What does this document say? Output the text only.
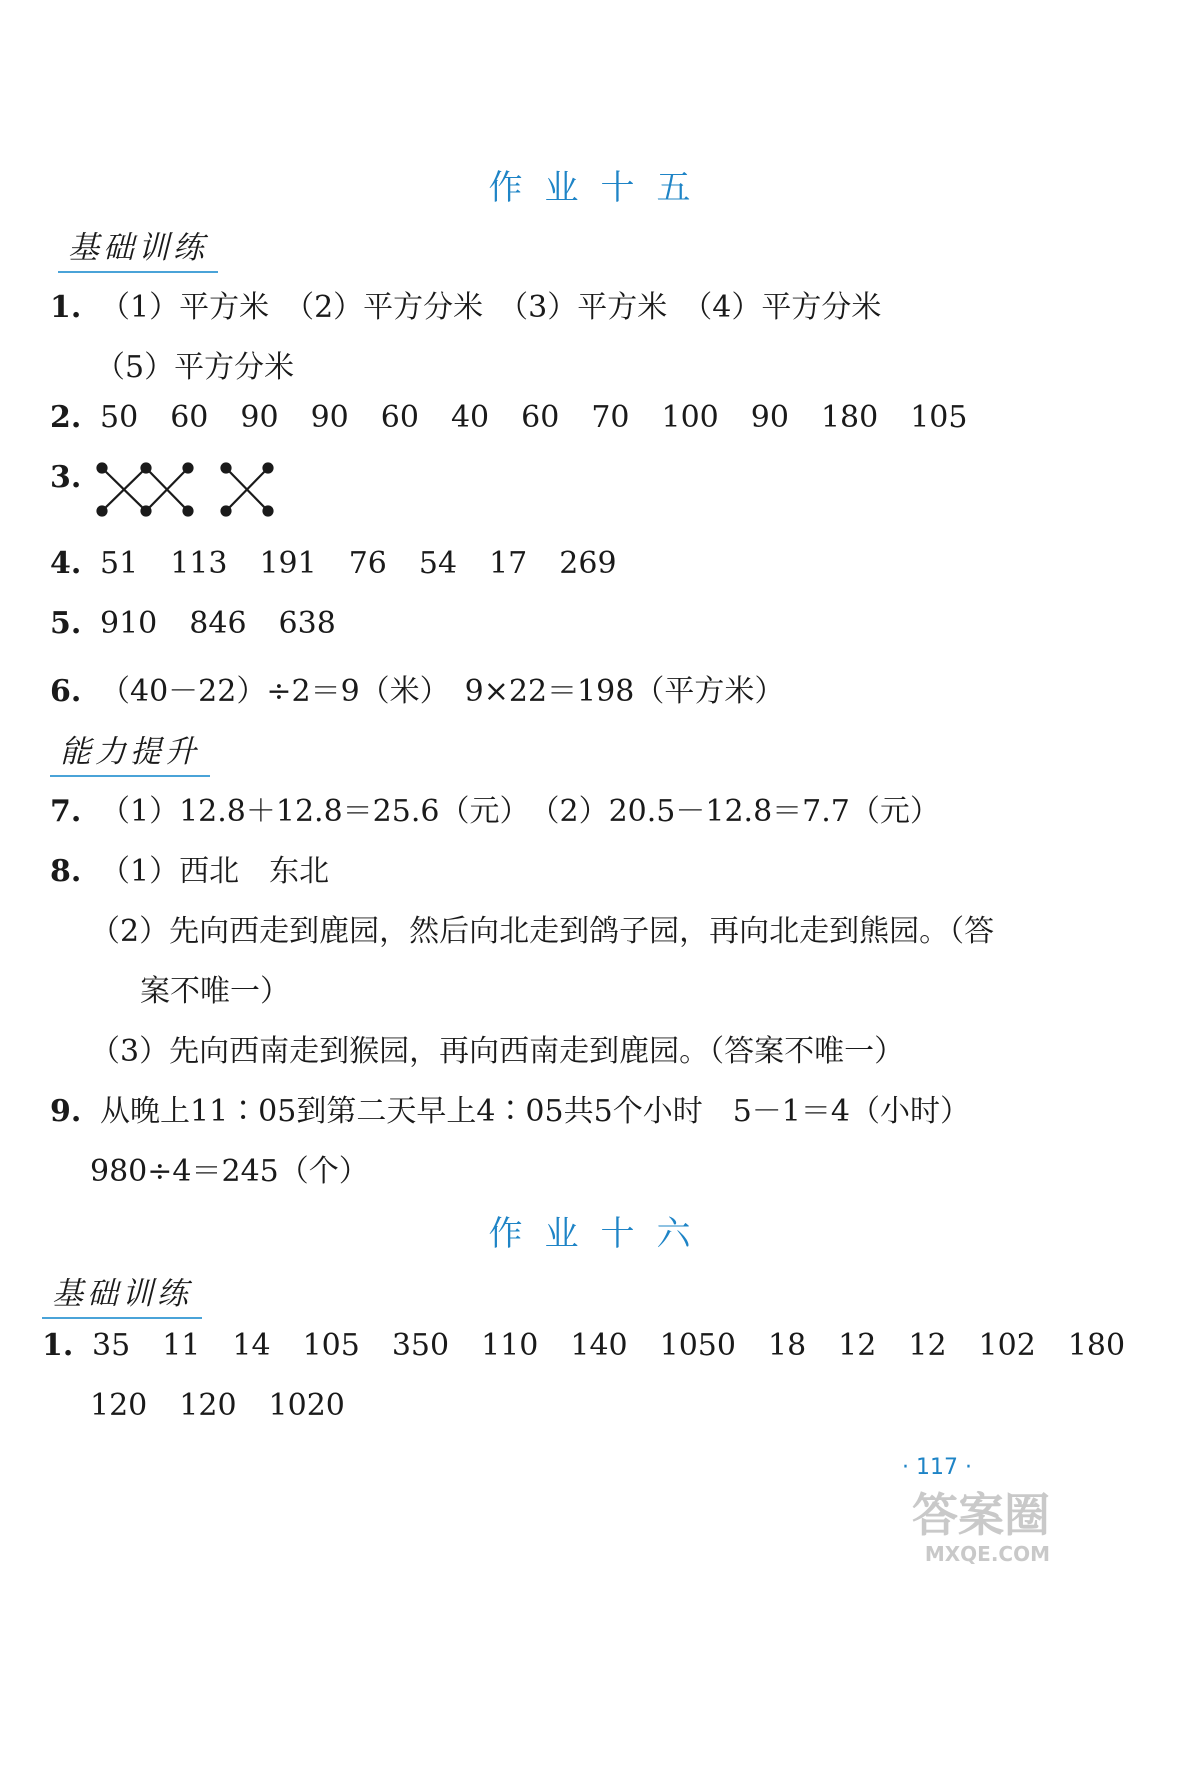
作业十五
基础训练
1. （1）平方米　（2）平方分米　（3）平方米　（4）平方分米
（5）平方分米
2. 50 60 90 90 60 40 60 70 100 90 180 105
3.
4. 51 113 191 76 54 17 269
5. 910 846 638
6. （40－22）÷2＝9（米）　9×22＝198（平方米）
能力提升
7. （1）12.8＋12.8＝25.6（元）　（2）20.5－12.8＝7.7（元）
8. （1）西北　东北
（2）先向西走到鹿园，然后向北走到鸽子园，再向北走到熊园。（答
案不唯一）
（3）先向西南走到猴园，再向西南走到鹿园。（答案不唯一）
9. 从晚上11∶05到第二天早上4∶05共5个小时　5－1＝4（小时）
980÷4＝245（个）
作业十六
基础训练
1. 35 11 14 105 350 110 140 1050 18 12 12 102 180
120 120 1020
· 117 ·
答案圈
MXQE.COM
